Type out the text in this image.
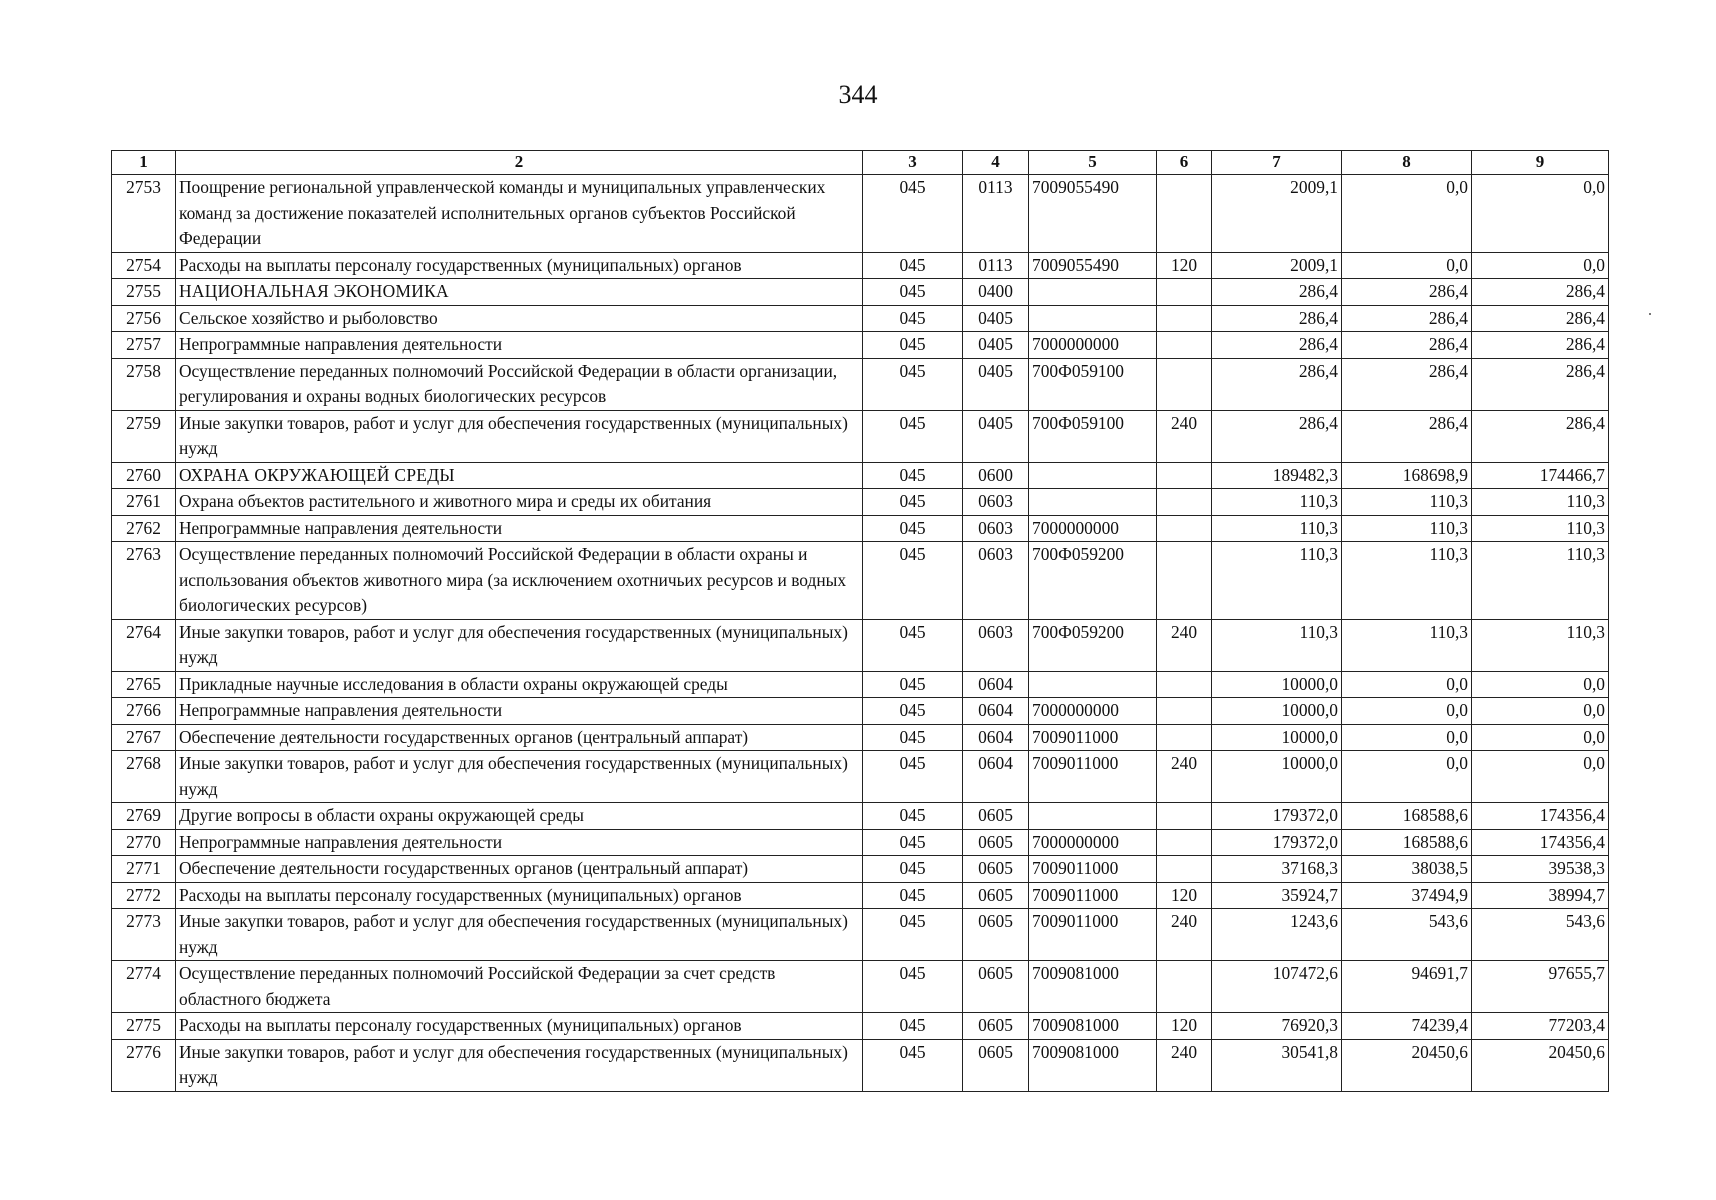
344
1	2	3	4	5	6	7	8	9
2753	Поощрение региональной управленческой команды и муниципальных управленческих команд за достижение показателей исполнительных органов субъектов Российской Федерации	045	0113	7009055490		2009,1	0,0	0,0
2754	Расходы на выплаты персоналу государственных (муниципальных) органов	045	0113	7009055490	120	2009,1	0,0	0,0
2755	НАЦИОНАЛЬНАЯ ЭКОНОМИКА	045	0400			286,4	286,4	286,4
2756	Сельское хозяйство и рыболовство	045	0405			286,4	286,4	286,4
2757	Непрограммные направления деятельности	045	0405	7000000000		286,4	286,4	286,4
2758	Осуществление переданных полномочий Российской Федерации в области организации, регулирования и охраны водных биологических ресурсов	045	0405	700Ф059100		286,4	286,4	286,4
2759	Иные закупки товаров, работ и услуг для обеспечения государственных (муниципальных) нужд	045	0405	700Ф059100	240	286,4	286,4	286,4
2760	ОХРАНА ОКРУЖАЮЩЕЙ СРЕДЫ	045	0600			189482,3	168698,9	174466,7
2761	Охрана объектов растительного и животного мира и среды их обитания	045	0603			110,3	110,3	110,3
2762	Непрограммные направления деятельности	045	0603	7000000000		110,3	110,3	110,3
2763	Осуществление переданных полномочий Российской Федерации в области охраны и использования объектов животного мира (за исключением охотничьих ресурсов и водных биологических ресурсов)	045	0603	700Ф059200		110,3	110,3	110,3
2764	Иные закупки товаров, работ и услуг для обеспечения государственных (муниципальных) нужд	045	0603	700Ф059200	240	110,3	110,3	110,3
2765	Прикладные научные исследования в области охраны окружающей среды	045	0604			10000,0	0,0	0,0
2766	Непрограммные направления деятельности	045	0604	7000000000		10000,0	0,0	0,0
2767	Обеспечение деятельности государственных органов (центральный аппарат)	045	0604	7009011000		10000,0	0,0	0,0
2768	Иные закупки товаров, работ и услуг для обеспечения государственных (муниципальных) нужд	045	0604	7009011000	240	10000,0	0,0	0,0
2769	Другие вопросы в области охраны окружающей среды	045	0605			179372,0	168588,6	174356,4
2770	Непрограммные направления деятельности	045	0605	7000000000		179372,0	168588,6	174356,4
2771	Обеспечение деятельности государственных органов (центральный аппарат)	045	0605	7009011000		37168,3	38038,5	39538,3
2772	Расходы на выплаты персоналу государственных (муниципальных) органов	045	0605	7009011000	120	35924,7	37494,9	38994,7
2773	Иные закупки товаров, работ и услуг для обеспечения государственных (муниципальных) нужд	045	0605	7009011000	240	1243,6	543,6	543,6
2774	Осуществление переданных полномочий Российской Федерации за счет средств областного бюджета	045	0605	7009081000		107472,6	94691,7	97655,7
2775	Расходы на выплаты персоналу государственных (муниципальных) органов	045	0605	7009081000	120	76920,3	74239,4	77203,4
2776	Иные закупки товаров, работ и услуг для обеспечения государственных (муниципальных) нужд	045	0605	7009081000	240	30541,8	20450,6	20450,6
